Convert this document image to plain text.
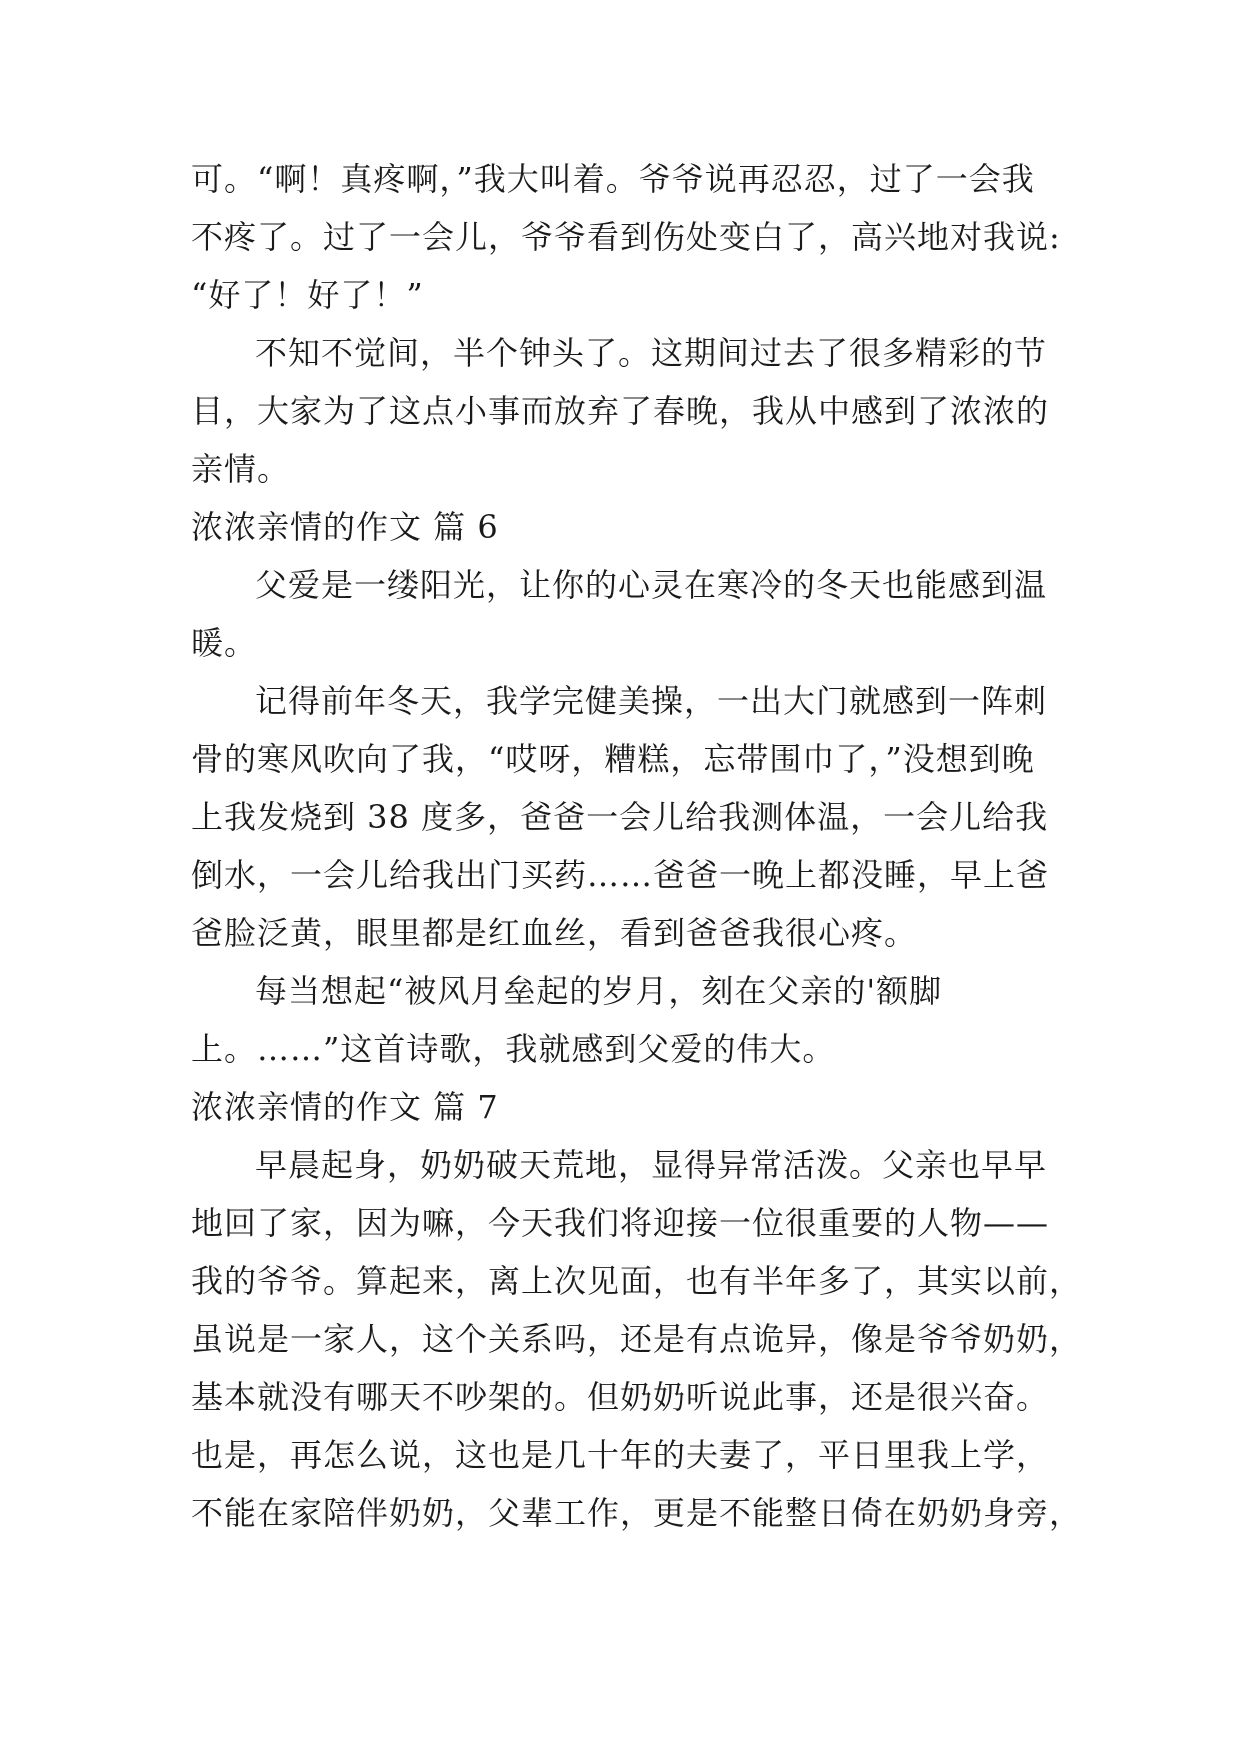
可。“啊！真疼啊，”我大叫着。爷爷说再忍忍，过了一会我
不疼了。过了一会儿，爷爷看到伤处变白了，高兴地对我说:
“好了！好了！”
不知不觉间，半个钟头了。这期间过去了很多精彩的节
目，大家为了这点小事而放弃了春晚，我从中感到了浓浓的
亲情。
浓浓亲情的作文 篇 6
父爱是一缕阳光，让你的心灵在寒冷的冬天也能感到温
暖。
记得前年冬天，我学完健美操，一出大门就感到一阵刺
骨的寒风吹向了我，“哎呀，糟糕，忘带围巾了，”没想到晚
上我发烧到 38 度多，爸爸一会儿给我测体温，一会儿给我
倒水，一会儿给我出门买药……爸爸一晚上都没睡，早上爸
爸脸泛黄，眼里都是红血丝，看到爸爸我很心疼。
每当想起“被风月垒起的岁月，刻在父亲的'额脚
上。……”这首诗歌，我就感到父爱的伟大。
浓浓亲情的作文 篇 7
早晨起身，奶奶破天荒地，显得异常活泼。父亲也早早
地回了家，因为嘛，今天我们将迎接一位很重要的人物——
我的爷爷。算起来，离上次见面，也有半年多了，其实以前，
虽说是一家人，这个关系吗，还是有点诡异，像是爷爷奶奶，
基本就没有哪天不吵架的。但奶奶听说此事，还是很兴奋。
也是，再怎么说，这也是几十年的夫妻了，平日里我上学，
不能在家陪伴奶奶，父辈工作，更是不能整日倚在奶奶身旁，
